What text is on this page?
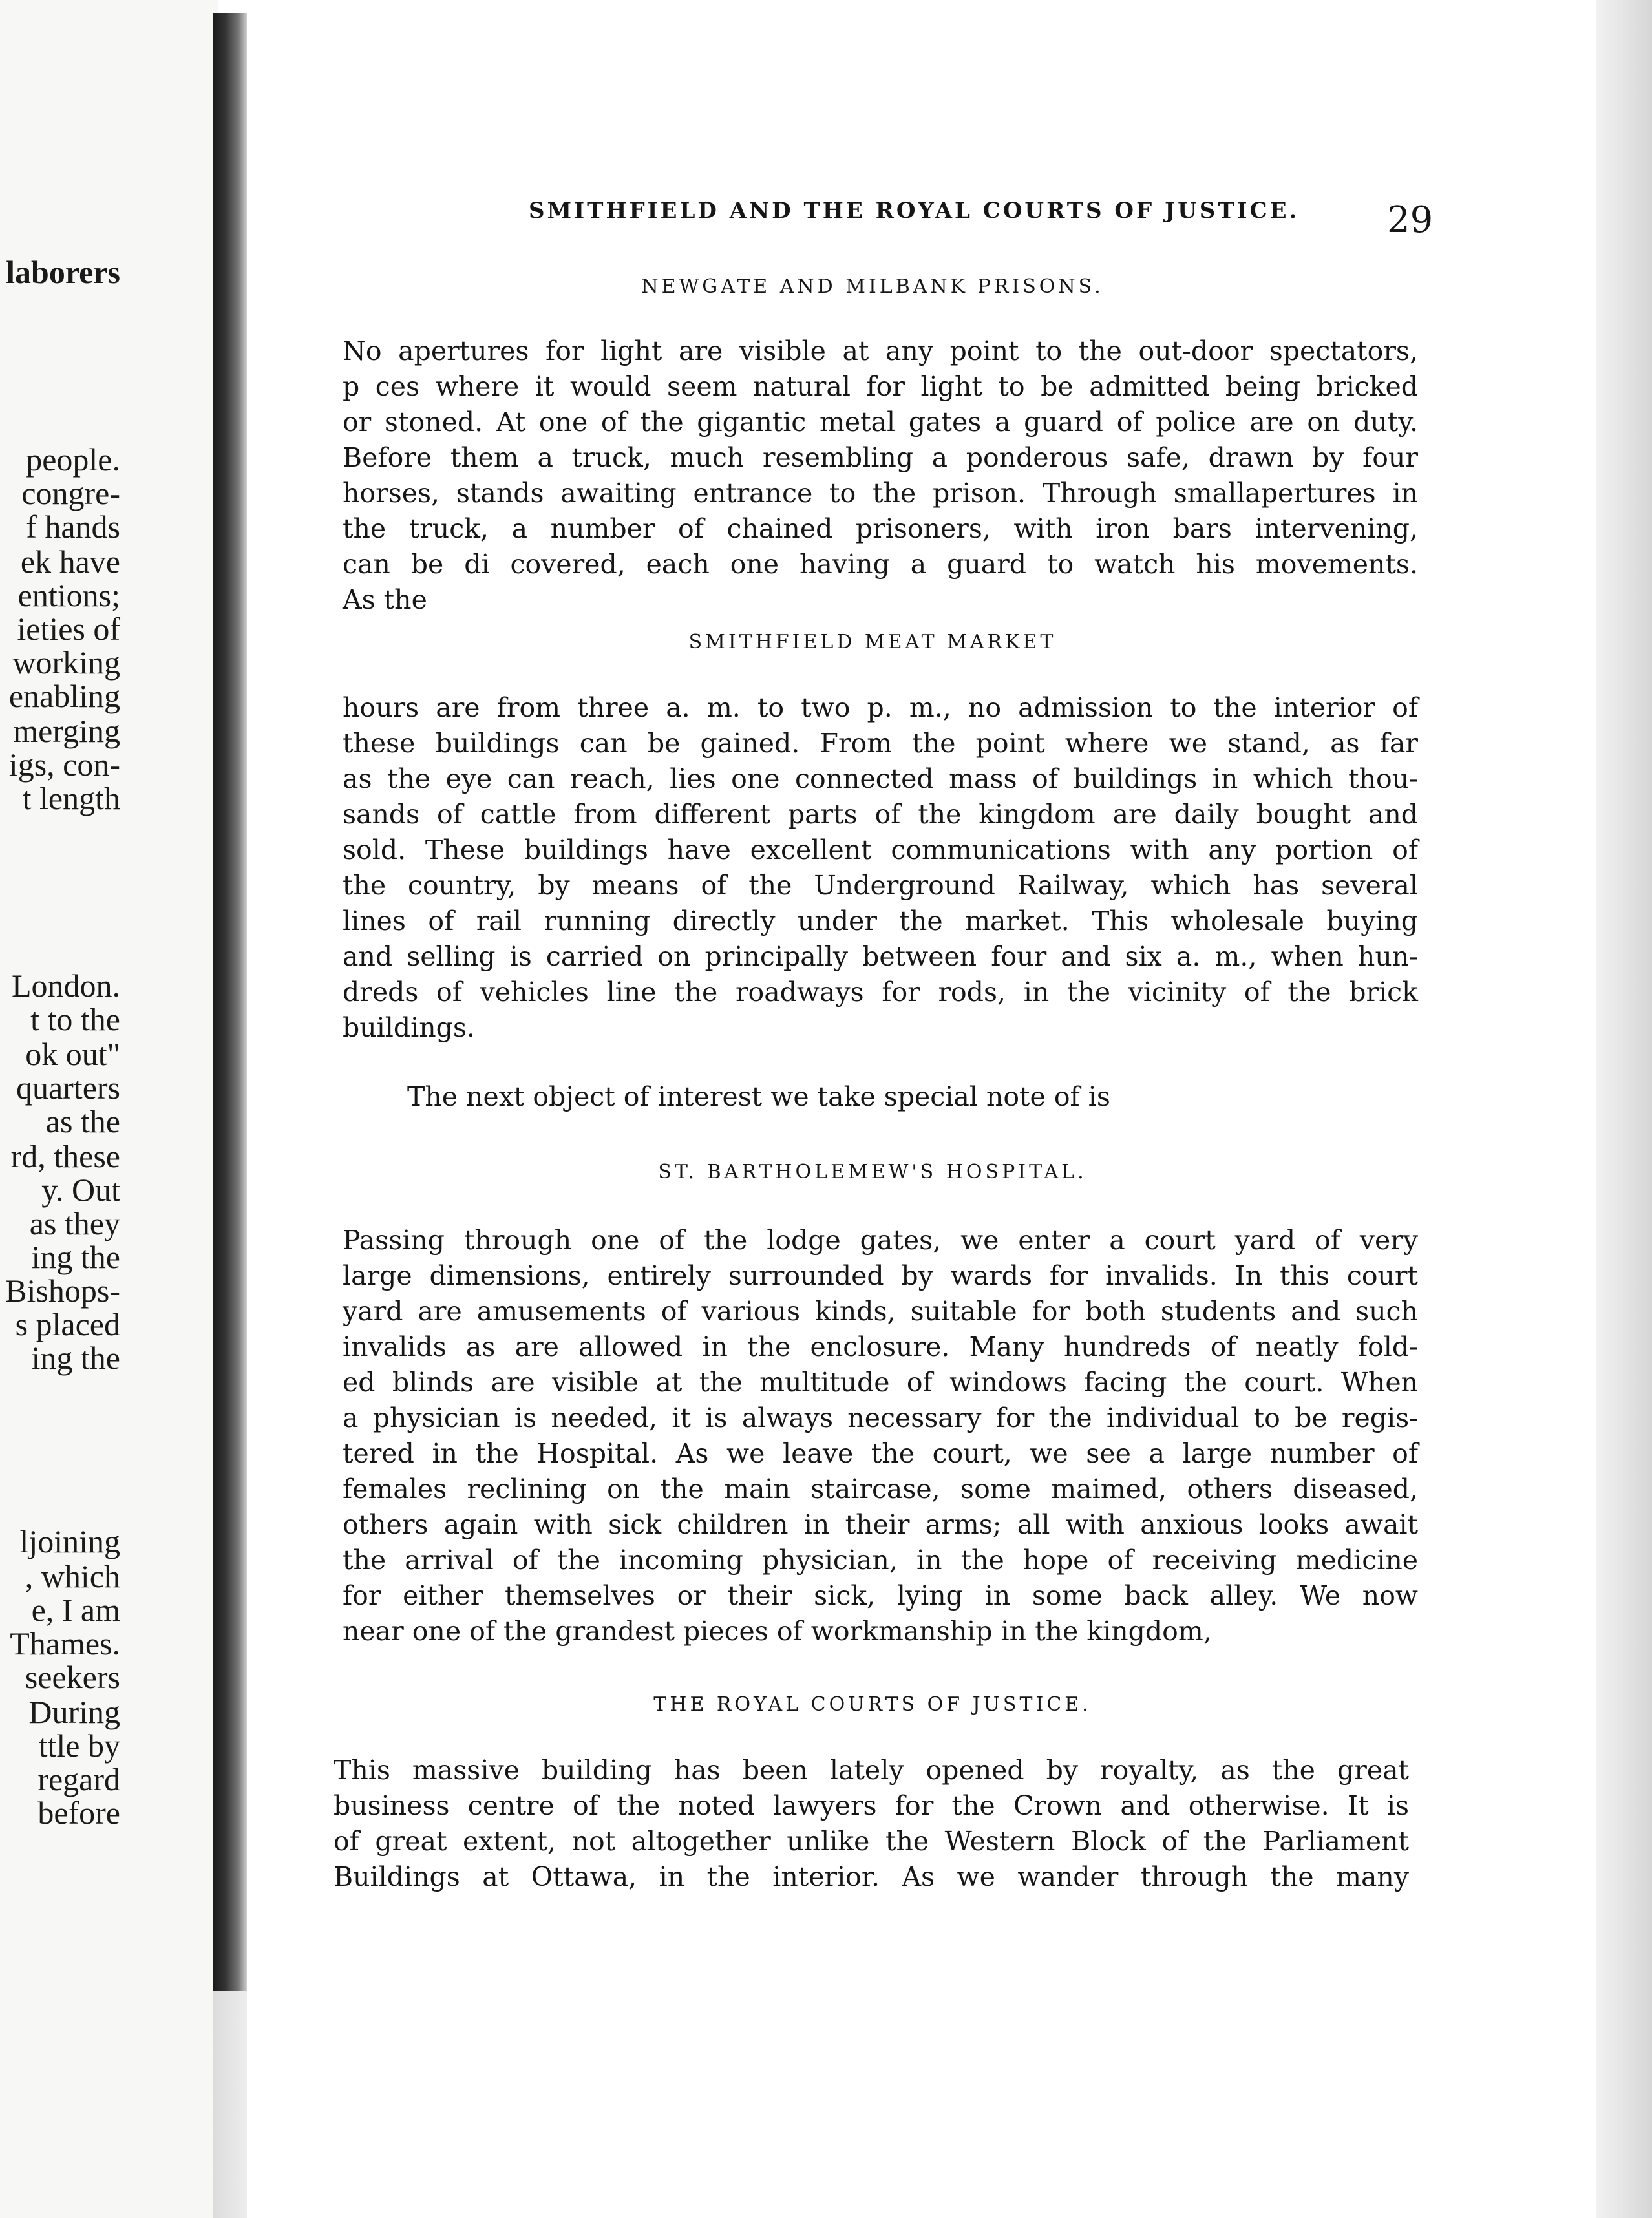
laborers
people.
congre-
f hands
ek have
entions;
ieties of
working
enabling
merging
igs, con-
t length
London.
t to the
ok out"
quarters
as the
rd, these
y. Out
as they
ing the
Bishops-
s placed
ing the
ljoining
, which
e, I am
Thames.
seekers
During
ttle by
regard
before
SMITHFIELD AND THE ROYAL COURTS OF JUSTICE. 29
NEWGATE AND MILBANK PRISONS.
No apertures for light are visible at any point to the out-door spectators,
p ces where it would seem natural for light to be admitted being bricked
or stoned. At one of the gigantic metal gates a guard of police are on duty.
Before them a truck, much resembling a ponderous safe, drawn by four
horses, stands awaiting entrance to the prison. Through smallapertures in
the truck, a number of chained prisoners, with iron bars intervening,
can be di covered, each one having a guard to watch his movements.
As the
SMITHFIELD MEAT MARKET
hours are from three a. m. to two p. m., no admission to the interior of
these buildings can be gained. From the point where we stand, as far
as the eye can reach, lies one connected mass of buildings in which thou-
sands of cattle from different parts of the kingdom are daily bought and
sold. These buildings have excellent communications with any portion of
the country, by means of the Underground Railway, which has several
lines of rail running directly under the market. This wholesale buying
and selling is carried on principally between four and six a. m., when hun-
dreds of vehicles line the roadways for rods, in the vicinity of the brick
buildings.
The next object of interest we take special note of is
ST. BARTHOLEMEW'S HOSPITAL.
Passing through one of the lodge gates, we enter a court yard of very
large dimensions, entirely surrounded by wards for invalids. In this court
yard are amusements of various kinds, suitable for both students and such
invalids as are allowed in the enclosure. Many hundreds of neatly fold-
ed blinds are visible at the multitude of windows facing the court. When
a physician is needed, it is always necessary for the individual to be regis-
tered in the Hospital. As we leave the court, we see a large number of
females reclining on the main staircase, some maimed, others diseased,
others again with sick children in their arms; all with anxious looks await
the arrival of the incoming physician, in the hope of receiving medicine
for either themselves or their sick, lying in some back alley. We now
near one of the grandest pieces of workmanship in the kingdom,
THE ROYAL COURTS OF JUSTICE.
This massive building has been lately opened by royalty, as the great
business centre of the noted lawyers for the Crown and otherwise. It is
of great extent, not altogether unlike the Western Block of the Parliament
Buildings at Ottawa, in the interior. As we wander through the many
